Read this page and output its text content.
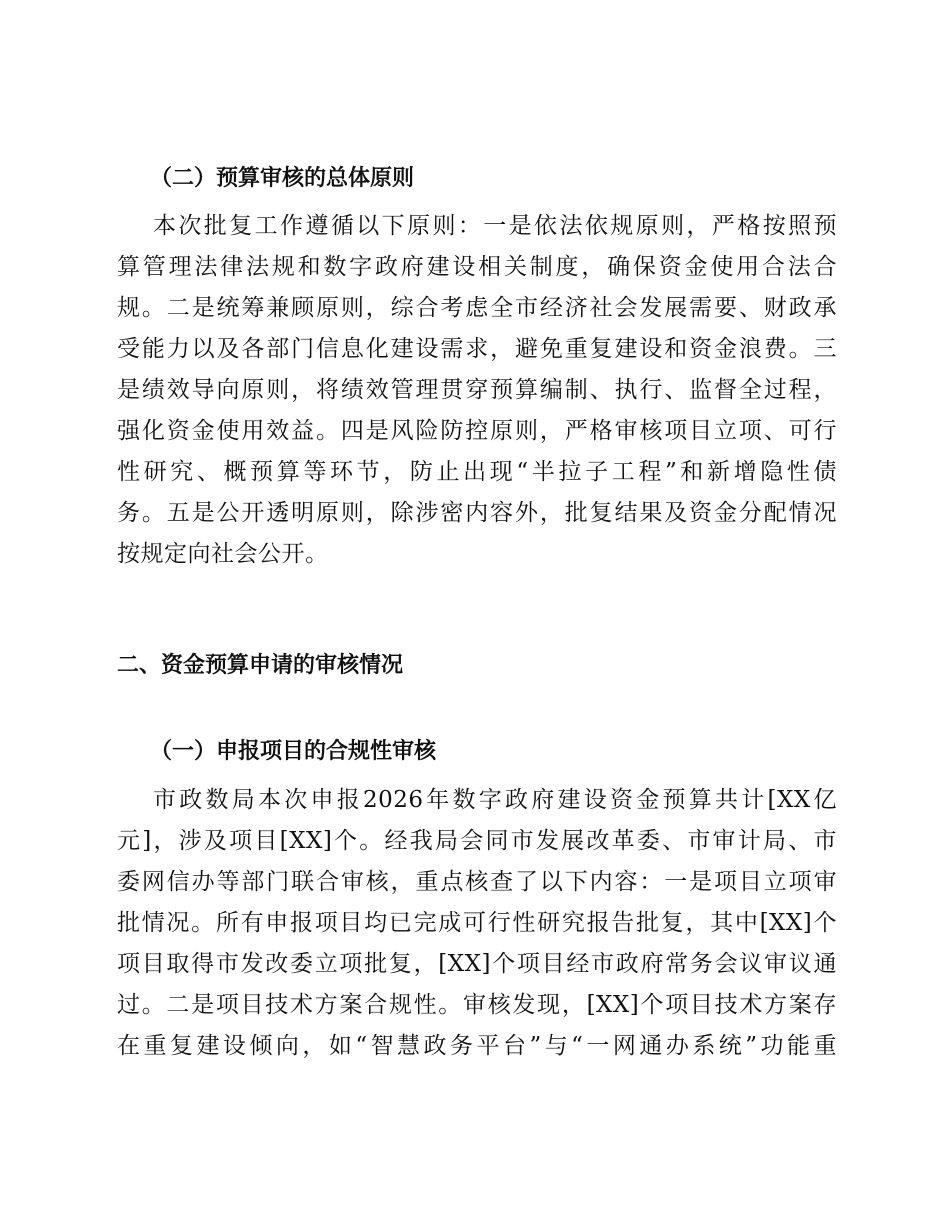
（二）预算审核的总体原则
本次批复工作遵循以下原则：一是依法依规原则，严格按照预
算管理法律法规和数字政府建设相关制度，确保资金使用合法合
规。二是统筹兼顾原则，综合考虑全市经济社会发展需要、财政承
受能力以及各部门信息化建设需求，避免重复建设和资金浪费。三
是绩效导向原则，将绩效管理贯穿预算编制、执行、监督全过程，
强化资金使用效益。四是风险防控原则，严格审核项目立项、可行
性研究、概预算等环节，防止出现“半拉子工程”和新增隐性债
务。五是公开透明原则，除涉密内容外，批复结果及资金分配情况
按规定向社会公开。
二、资金预算申请的审核情况
（一）申报项目的合规性审核
市政数局本次申报2026年数字政府建设资金预算共计[XX亿
元]，涉及项目[XX]个。经我局会同市发展改革委、市审计局、市
委网信办等部门联合审核，重点核查了以下内容：一是项目立项审
批情况。所有申报项目均已完成可行性研究报告批复，其中[XX]个
项目取得市发改委立项批复，[XX]个项目经市政府常务会议审议通
过。二是项目技术方案合规性。审核发现，[XX]个项目技术方案存
在重复建设倾向，如“智慧政务平台”与“一网通办系统”功能重
